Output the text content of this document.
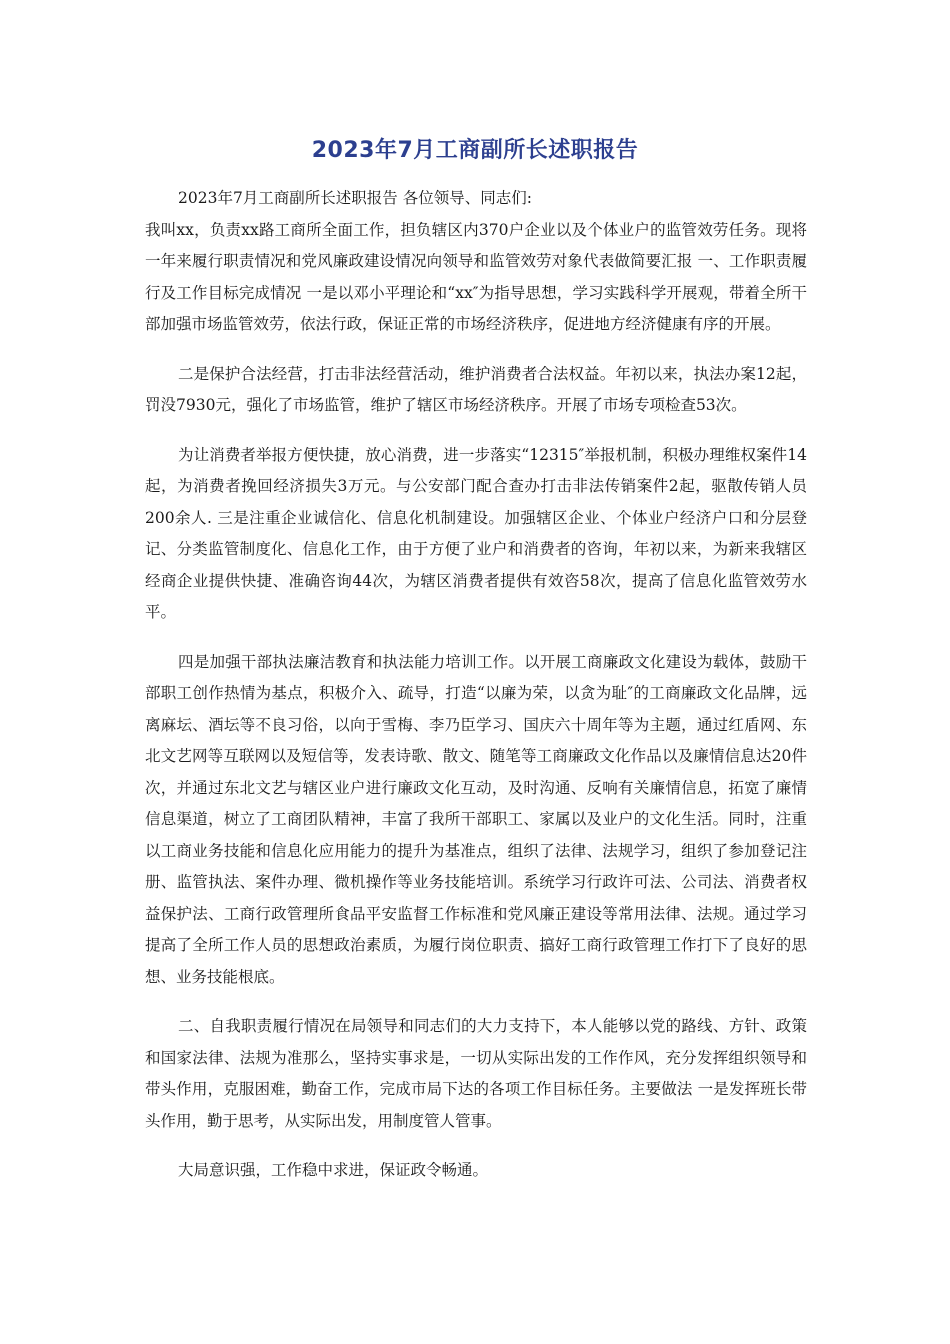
2023年7月工商副所长述职报告

2023年7月工商副所长述职报告 各位领导、同志们:

我叫xx，负责xx路工商所全面工作，担负辖区内370户企业以及个体业户的监管效劳任务。现将一年来履行职责情况和党风廉政建设情况向领导和监管效劳对象代表做简要汇报 一、工作职责履行及工作目标完成情况 一是以邓小平理论和“xx″为指导思想，学习实践科学开展观，带着全所干部加强市场监管效劳，依法行政，保证正常的市场经济秩序，促进地方经济健康有序的开展。

二是保护合法经营，打击非法经营活动，维护消费者合法权益。年初以来，执法办案12起，罚没7930元，强化了市场监管，维护了辖区市场经济秩序。开展了市场专项检查53次。

为让消费者举报方便快捷，放心消费，进一步落实“12315″举报机制，积极办理维权案件14起，为消费者挽回经济损失3万元。与公安部门配合查办打击非法传销案件2起，驱散传销人员200余人. 三是注重企业诚信化、信息化机制建设。加强辖区企业、个体业户经济户口和分层登记、分类监管制度化、信息化工作，由于方便了业户和消费者的咨询，年初以来，为新来我辖区经商企业提供快捷、准确咨询44次，为辖区消费者提供有效咨58次，提高了信息化监管效劳水平。

四是加强干部执法廉洁教育和执法能力培训工作。以开展工商廉政文化建设为载体，鼓励干部职工创作热情为基点，积极介入、疏导，打造“以廉为荣，以贪为耻″的工商廉政文化品牌，远离麻坛、酒坛等不良习俗，以向于雪梅、李乃臣学习、国庆六十周年等为主题，通过红盾网、东北文艺网等互联网以及短信等，发表诗歌、散文、随笔等工商廉政文化作品以及廉情信息达20件次，并通过东北文艺与辖区业户进行廉政文化互动，及时沟通、反响有关廉情信息，拓宽了廉情信息渠道，树立了工商团队精神，丰富了我所干部职工、家属以及业户的文化生活。同时，注重以工商业务技能和信息化应用能力的提升为基准点，组织了法律、法规学习，组织了参加登记注册、监管执法、案件办理、微机操作等业务技能培训。系统学习行政许可法、公司法、消费者权益保护法、工商行政管理所食品平安监督工作标准和党风廉正建设等常用法律、法规。通过学习提高了全所工作人员的思想政治素质，为履行岗位职责、搞好工商行政管理工作打下了良好的思想、业务技能根底。

二、自我职责履行情况在局领导和同志们的大力支持下，本人能够以党的路线、方针、政策和国家法律、法规为准那么，坚持实事求是，一切从实际出发的工作作风，充分发挥组织领导和带头作用，克服困难，勤奋工作，完成市局下达的各项工作目标任务。主要做法 一是发挥班长带头作用，勤于思考，从实际出发，用制度管人管事。

大局意识强，工作稳中求进，保证政令畅通。
